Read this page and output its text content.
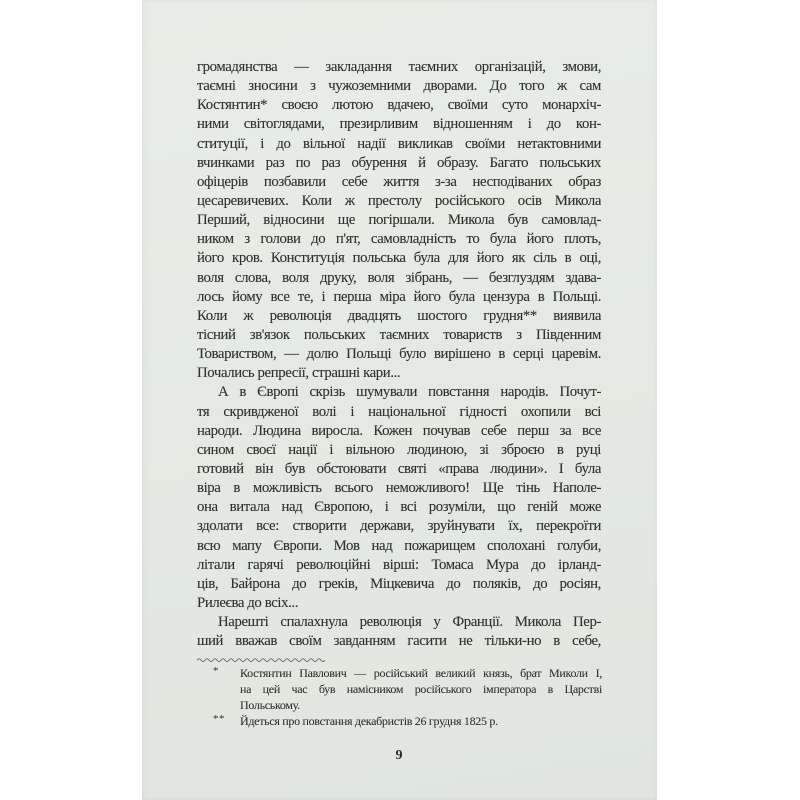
громадянства — закладання таємних організацій, змови,
таємні зносини з чужоземними дворами. До того ж сам
Костянтин* своєю лютою вдачею, своїми суто монархіч-
ними світоглядами, презирливим відношенням і до кон-
ституції, і до вільної надії викликав своїми нетактовними
вчинками раз по раз обурення й образу. Багато польських
офіцерів позбавили себе життя з-за несподіваних образ
цесаревичевих. Коли ж престолу російського осів Микола
Перший, відносини ще погіршали. Микола був самовлад-
ником з голови до п'ят, самовладність то була його плоть,
його кров. Конституція польська була для його як сіль в оці,
воля слова, воля друку, воля зібрань, — безглуздям здава-
лось йому все те, і перша міра його була цензура в Польщі.
Коли ж революція двадцять шостого грудня** виявила
тісний зв'язок польських таємних товариств з Південним
Товариством, — долю Польщі було вирішено в серці царевім.
Почались репресії, страшні кари...
А в Європі скрізь шумували повстання народів. Почут-
тя скривдженої волі і національної гідності охопили всі
народи. Людина виросла. Кожен почував себе перш за все
сином своєї нації і вільною людиною, зі зброєю в руці
готовий він був обстоювати святі «права людини». І була
віра в можливість всього неможливого! Ще тінь Наполе-
она витала над Європою, і всі розуміли, що геній може
здолати все: створити держави, зруйнувати їх, перекроїти
всю мапу Європи. Мов над пожарищем сполохані голуби,
літали гарячі революційні вірші: Томаса Мура до ірланд-
ців, Байрона до греків, Міцкевича до поляків, до росіян,
Рилеєва до всіх...
Нарешті спалахнула революція у Франції. Микола Пер-
ший вважав своїм завданням гасити не тільки-но в себе,
* Костянтин Павлович — російський великий князь, брат Миколи I,
на цей час був намісником російського імператора в Царстві
Польському.
** Йдеться про повстання декабристів 26 грудня 1825 р.
9
